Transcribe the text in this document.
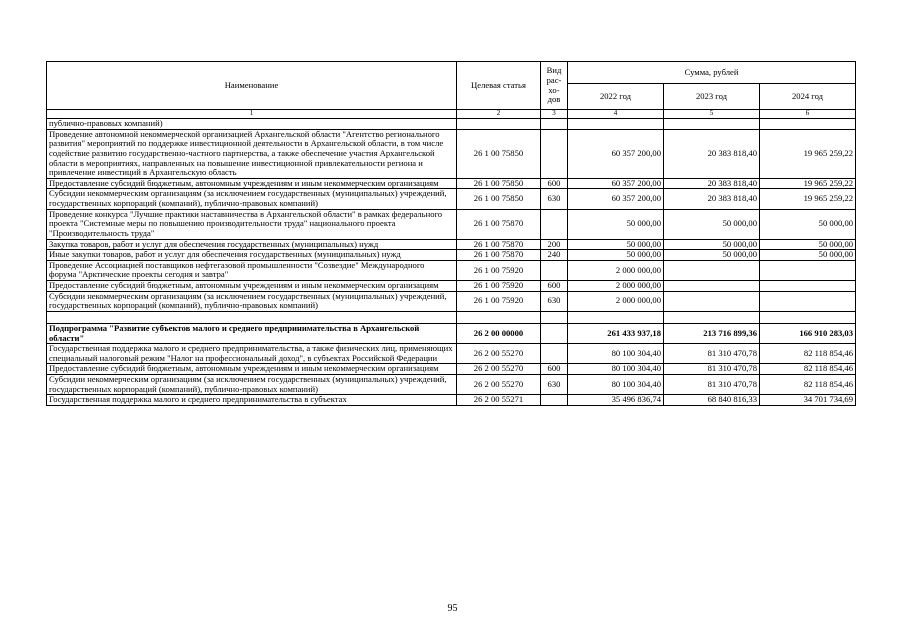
Наименование	Целевая статья	Вид рас-хо-дов	Сумма, рублей		
			2022 год	2023 год	2024 год
1	2	3	4	5	6
публично-правовых компаний)					
Проведение автономной некоммерческой организацией Архангельской области "Агентство регионального развития" мероприятий по поддержке инвестиционной деятельности в Архангельской области, в том числе содействие развитию государственно-частного партнерства, а также обеспечение участия Архангельской области в мероприятиях, направленных на повышение инвестиционной привлекательности региона и привлечение инвестиций в Архангельскую область	26 1 00 75850		60 357 200,00	20 383 818,40	19 965 259,22
Предоставление субсидий бюджетным, автономным учреждениям и иным некоммерческим организациям	26 1 00 75850	600	60 357 200,00	20 383 818,40	19 965 259,22
Субсидии некоммерческим организациям (за исключением государственных (муниципальных) учреждений, государственных корпораций (компаний), публично-правовых компаний)	26 1 00 75850	630	60 357 200,00	20 383 818,40	19 965 259,22
Проведение конкурса "Лучшие практики наставничества в Архангельской области" в рамках федерального проекта "Системные меры по повышению производительности труда" национального проекта "Производительность труда"	26 1 00 75870		50 000,00	50 000,00	50 000,00
Закупка товаров, работ и услуг для обеспечения государственных (муниципальных) нужд	26 1 00 75870	200	50 000,00	50 000,00	50 000,00
Иные закупки товаров, работ и услуг для обеспечения государственных (муниципальных) нужд	26 1 00 75870	240	50 000,00	50 000,00	50 000,00
Проведение Ассоциацией поставщиков нефтегазовой промышленности "Созвездие" Международного форума "Арктические проекты сегодня и завтра"	26 1 00 75920		2 000 000,00		
Предоставление субсидий бюджетным, автономным учреждениям и иным некоммерческим организациям	26 1 00 75920	600	2 000 000,00		
Субсидии некоммерческим организациям (за исключением государственных (муниципальных) учреждений, государственных корпораций (компаний), публично-правовых компаний)	26 1 00 75920	630	2 000 000,00		

Подпрограмма "Развитие субъектов малого и среднего предпринимательства в Архангельской области"	26 2 00 00000		261 433 937,18	213 716 899,36	166 910 283,03
Государственная поддержка малого и среднего предпринимательства, а также физических лиц, применяющих специальный налоговый режим "Налог на профессиональный доход", в субъектах Российской Федерации	26 2 00 55270		80 100 304,40	81 310 470,78	82 118 854,46
Предоставление субсидий бюджетным, автономным учреждениям и иным некоммерческим организациям	26 2 00 55270	600	80 100 304,40	81 310 470,78	82 118 854,46
Субсидии некоммерческим организациям (за исключением государственных (муниципальных) учреждений, государственных корпораций (компаний), публично-правовых компаний)	26 2 00 55270	630	80 100 304,40	81 310 470,78	82 118 854,46
Государственная поддержка малого и среднего предпринимательства в субъектах	26 2 00 55271		35 496 836,74	68 840 816,33	34 701 734,69
95
